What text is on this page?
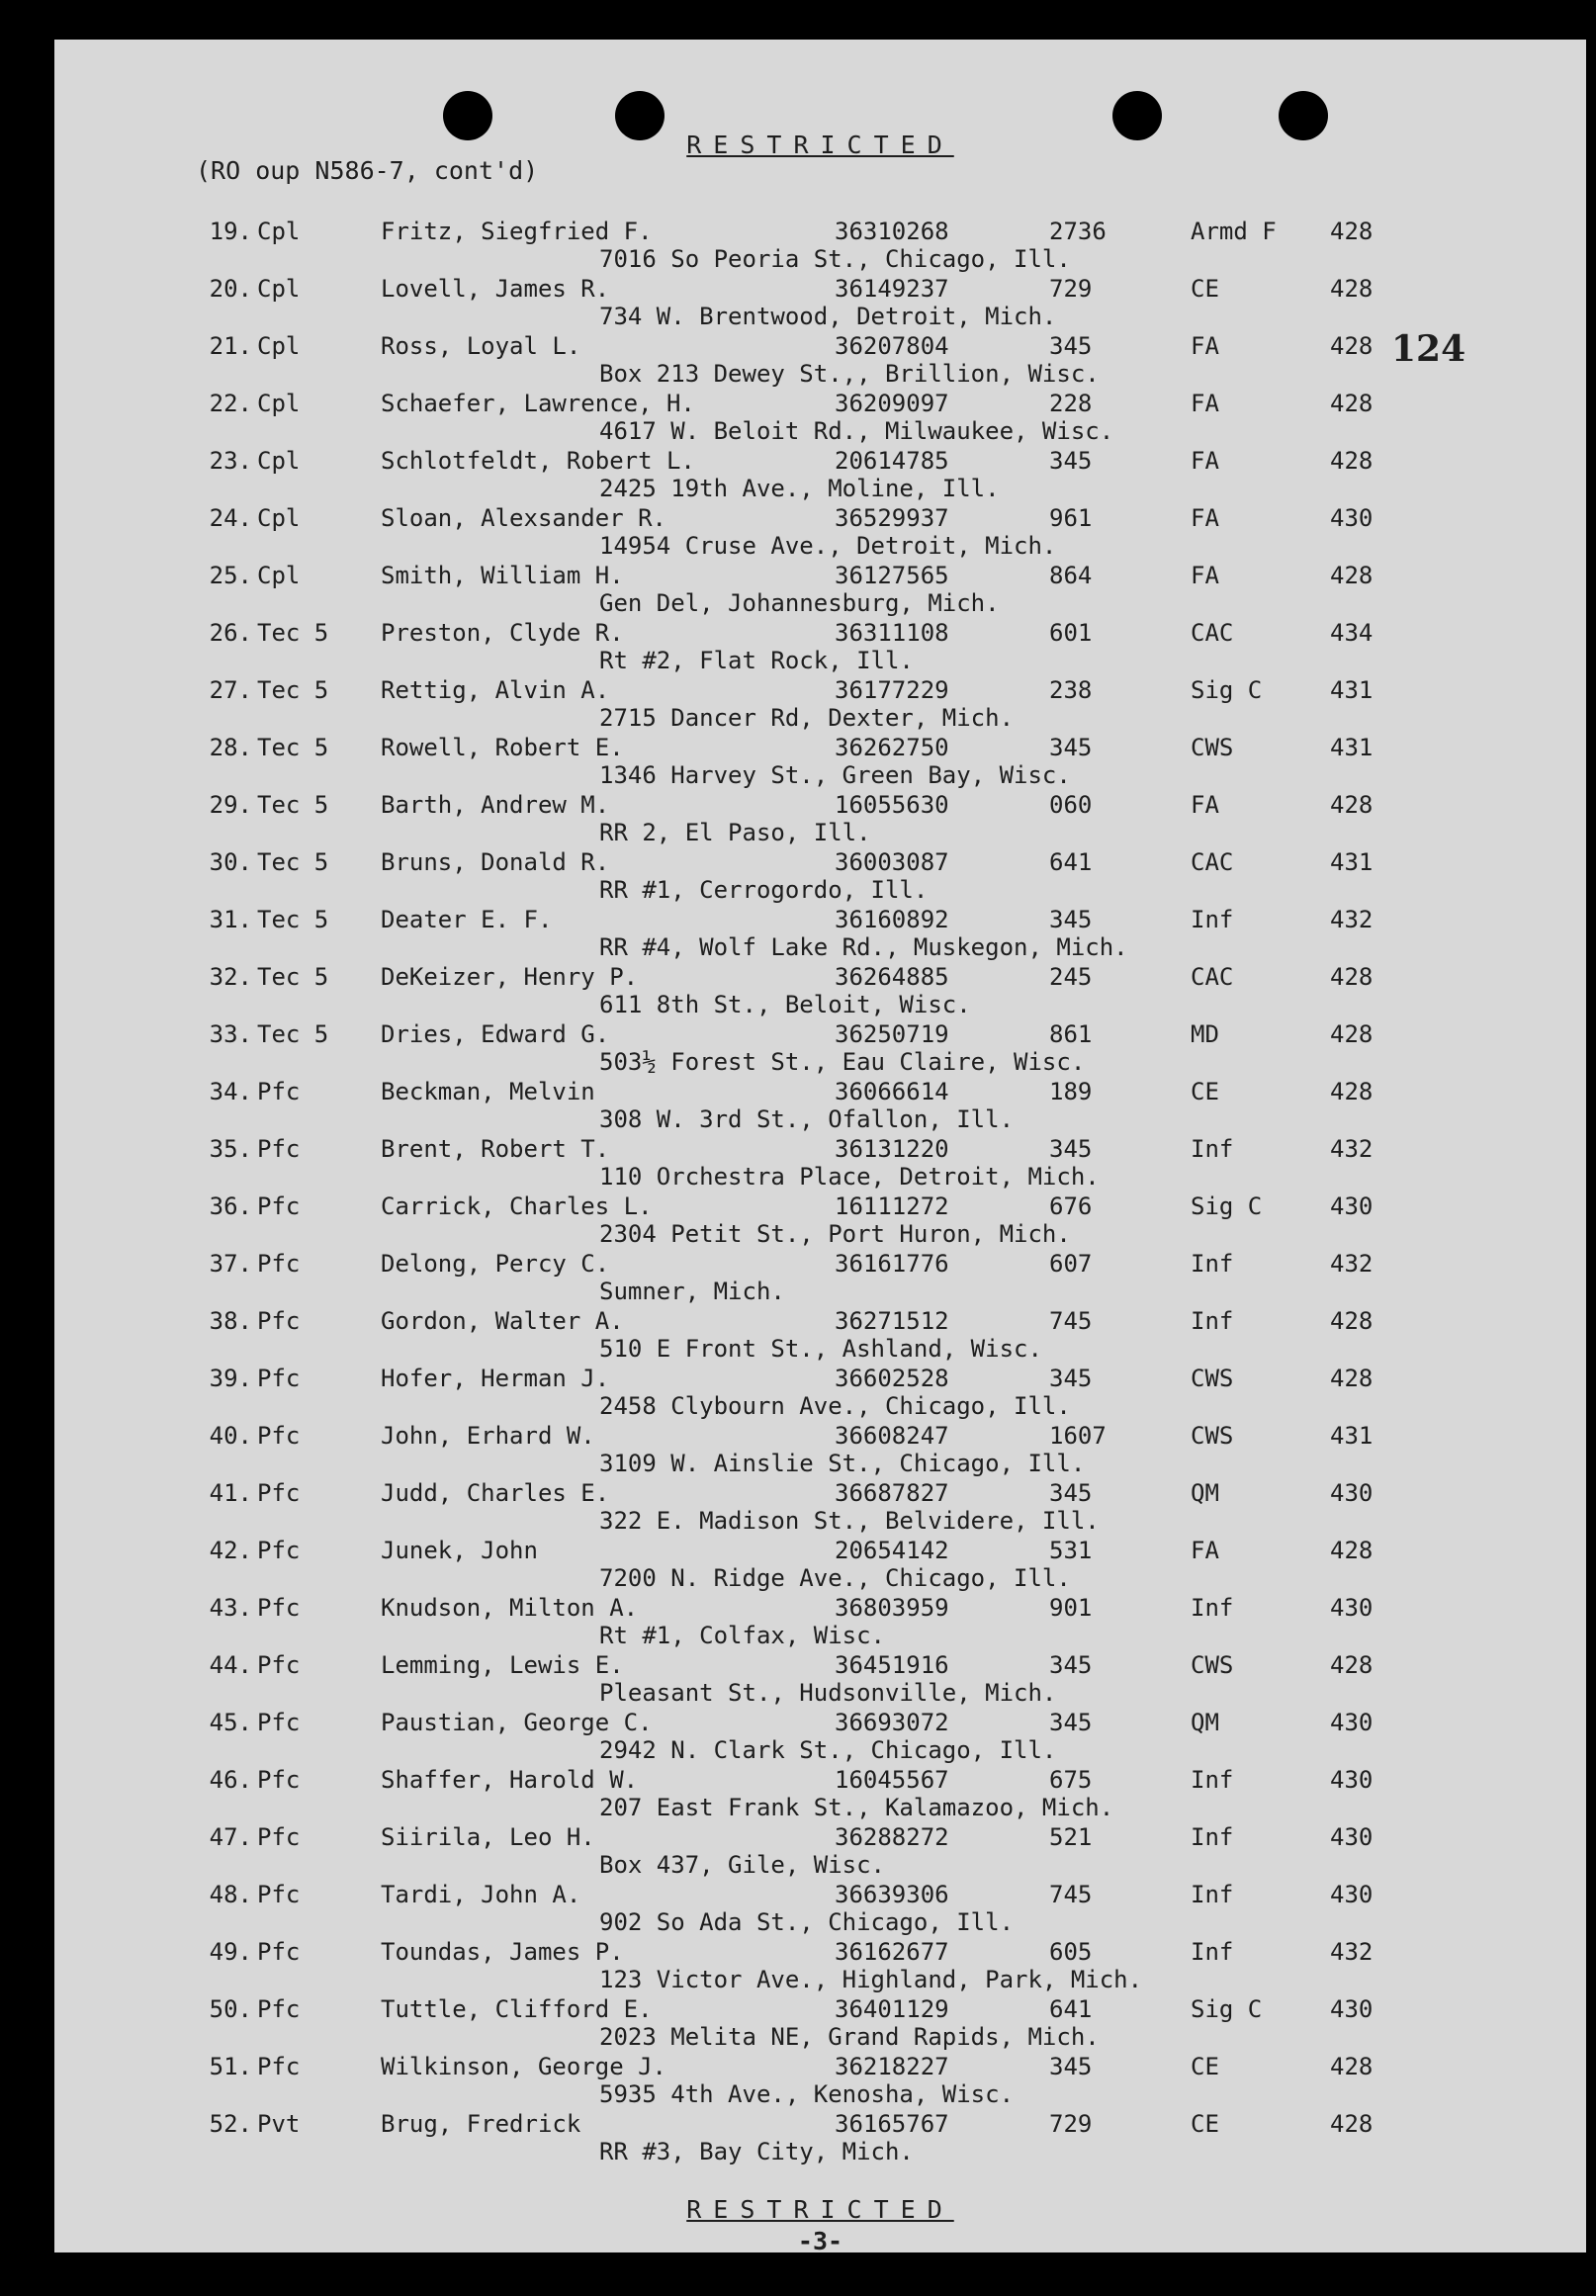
RESTRICTED
(RO oup N586-7, cont'd)
124
19. Cpl	Fritz, Siegfried F.	36310268	2736	Armd F 428
7016 So Peoria St., Chicago, Ill.
20. Cpl	Lovell, James R.	36149237	729	CE	428
734 W. Brentwood, Detroit, Mich.
21. Cpl	Ross, Loyal L.	36207804	345	FA	428
Box 213 Dewey St.,, Brillion, Wisc.
22. Cpl	Schaefer, Lawrence, H.	36209097	228	FA	428
4617 W. Beloit Rd., Milwaukee, Wisc.
23. Cpl	Schlotfeldt, Robert L.	20614785	345	FA	428
2425 19th Ave., Moline, Ill.
24. Cpl	Sloan, Alexsander R.	36529937	961	FA	430
14954 Cruse Ave., Detroit, Mich.
25. Cpl	Smith, William H.	36127565	864	FA	428
Gen Del, Johannesburg, Mich.
26. Tec 5 Preston, Clyde R.	36311108	601	CAC	434
Rt #2, Flat Rock, Ill.
27. Tec 5 Rettig, Alvin A.	36177229	238	Sig C	431
2715 Dancer Rd, Dexter, Mich.
28. Tec 5 Rowell, Robert E.	36262750	345	CWS	431
1346 Harvey St., Green Bay, Wisc.
29. Tec 5 Barth, Andrew M.	16055630	060	FA	428
RR 2, El Paso, Ill.
30. Tec 5 Bruns, Donald R.	36003087	641	CAC	431
RR #1, Cerrogordo, Ill.
31. Tec 5 Deater E. F.	36160892	345	Inf	432
RR #4, Wolf Lake Rd., Muskegon, Mich.
32. Tec 5 DeKeizer, Henry P.	36264885	245	CAC	428
611 8th St., Beloit, Wisc.
33. Tec 5 Dries, Edward G.	36250719	861	MD	428
503½ Forest St., Eau Claire, Wisc.
34. Pfc	Beckman, Melvin	36066614	189	CE	428
308 W. 3rd St., Ofallon, Ill.
35. Pfc	Brent, Robert T.	36131220	345	Inf	432
110 Orchestra Place, Detroit, Mich.
36. Pfc	Carrick, Charles L.	16111272	676	Sig C	430
2304 Petit St., Port Huron, Mich.
37. Pfc	Delong, Percy C.	36161776	607	Inf	432
Sumner, Mich.
38. Pfc	Gordon, Walter A.	36271512	745	Inf	428
510 E Front St., Ashland, Wisc.
39. Pfc	Hofer, Herman J.	36602528	345	CWS	428
2458 Clybourn Ave., Chicago, Ill.
40. Pfc	John, Erhard W.	36608247	1607	CWS	431
3109 W. Ainslie St., Chicago, Ill.
41. Pfc	Judd, Charles E.	36687827	345	QM	430
322 E. Madison St., Belvidere, Ill.
42. Pfc	Junek, John	20654142	531	FA	428
7200 N. Ridge Ave., Chicago, Ill.
43. Pfc	Knudson, Milton A.	36803959	901	Inf	430
Rt #1, Colfax, Wisc.
44. Pfc	Lemming, Lewis E.	36451916	345	CWS	428
Pleasant St., Hudsonville, Mich.
45. Pfc	Paustian, George C.	36693072	345	QM	430
2942 N. Clark St., Chicago, Ill.
46. Pfc	Shaffer, Harold W.	16045567	675	Inf	430
207 East Frank St., Kalamazoo, Mich.
47. Pfc	Siirila, Leo H.	36288272	521	Inf	430
Box 437, Gile, Wisc.
48. Pfc	Tardi, John A.	36639306	745	Inf	430
902 So Ada St., Chicago, Ill.
49. Pfc	Toundas, James P.	36162677	605	Inf	432
123 Victor Ave., Highland, Park, Mich.
50. Pfc	Tuttle, Clifford E.	36401129	641	Sig C	430
2023 Melita NE, Grand Rapids, Mich.
51. Pfc	Wilkinson, George J.	36218227	345	CE	428
5935 4th Ave., Kenosha, Wisc.
52. Pvt	Brug, Fredrick	36165767	729	CE	428
RR #3, Bay City, Mich.
RESTRICTED
-3-
